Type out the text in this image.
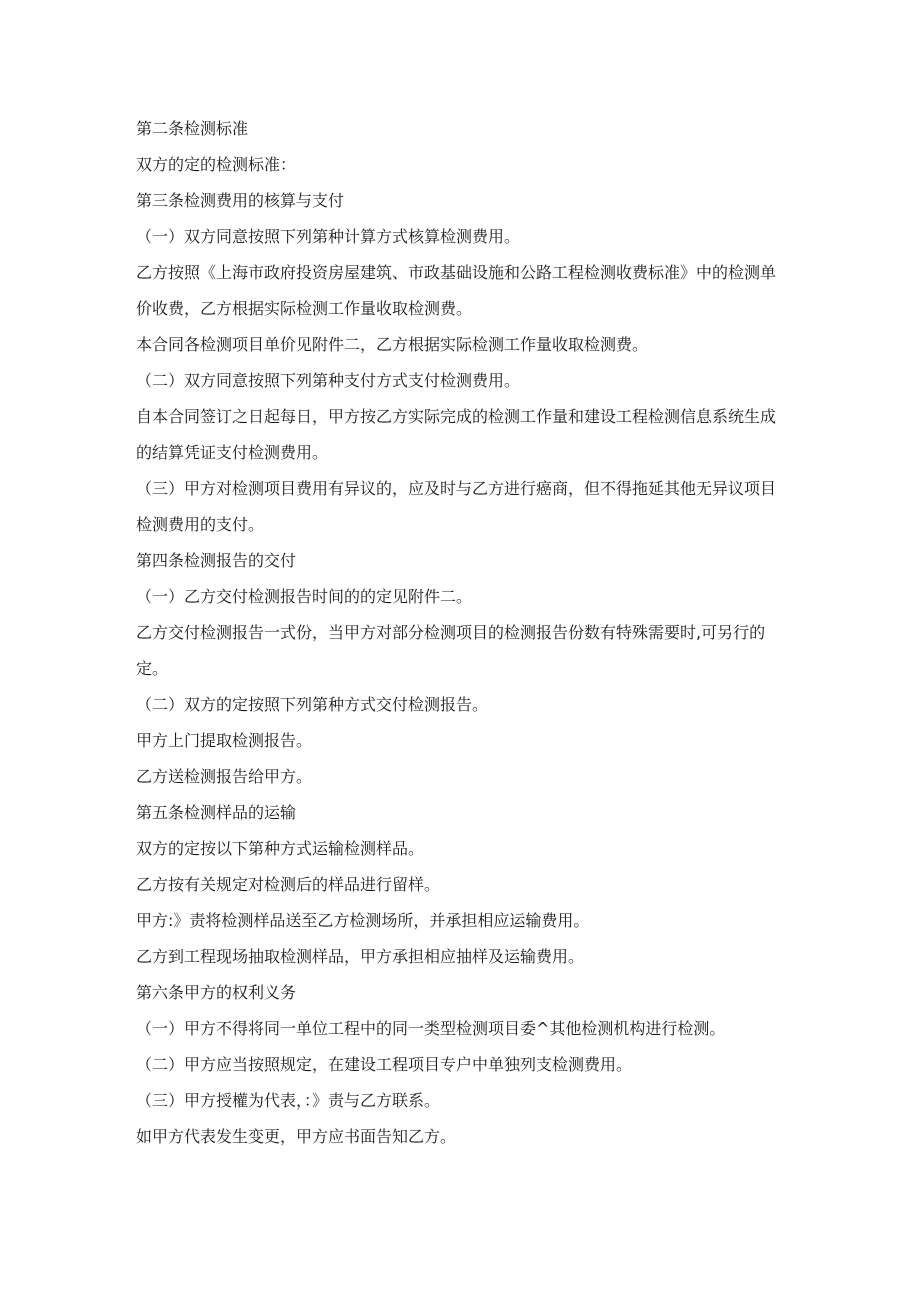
第二条检测标准

双方的定的检测标准：

第三条检测费用的核算与支付

（一）双方同意按照下列第种计算方式核算检测费用。

乙方按照《上海市政府投资房屋建筑、市政基础设施和公路工程检测收费标准》中的检测单价收费，乙方根据实际检测工作量收取检测费。

本合同各检测项目单价见附件二，乙方根据实际检测工作量收取检测费。

（二）双方同意按照下列第种支付方式支付检测费用。

自本合同签订之日起每日，甲方按乙方实际完成的检测工作量和建设工程检测信息系统生成的结算凭证支付检测费用。

（三）甲方对检测项目费用有异议的，应及时与乙方进行癌商，但不得拖延其他无异议项目检测费用的支付。

第四条检测报告的交付

（一）乙方交付检测报告时间的的定见附件二。

乙方交付检测报告一式份，当甲方对部分检测项目的检测报告份数有特殊需要时,可另行的定。

（二）双方的定按照下列第种方式交付检测报告。

甲方上门提取检测报告。

乙方送检测报告给甲方。

第五条检测样品的运输

双方的定按以下第种方式运输检测样品。

乙方按有关规定对检测后的样品进行留样。

甲方:》责将检测样品送至乙方检测场所，并承担相应运输费用。

乙方到工程现场抽取检测样品，甲方承担相应抽样及运输费用。

第六条甲方的权利义务

（一）甲方不得将同一单位工程中的同一类型检测项目委^其他检测机构进行检测。

（二）甲方应当按照规定，在建设工程项目专户中单独列支检测费用。

（三）甲方授權为代表，：》责与乙方联系。

如甲方代表发生变更，甲方应书面告知乙方。
